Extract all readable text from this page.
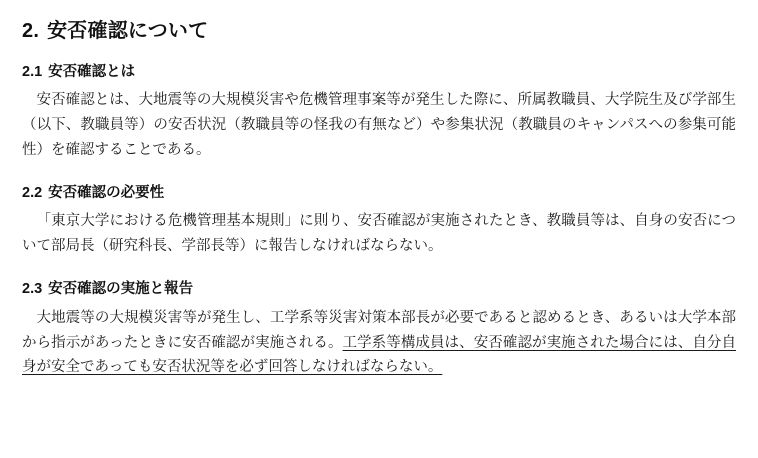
2. 安否確認について
2.1 安否確認とは

安否確認とは、大地震等の大規模災害や危機管理事案等が発生した際に、所属教職員、大学院生及び学部生（以下、教職員等）の安否状況（教職員等の怪我の有無など）や参集状況（教職員のキャンパスへの参集可能性）を確認することである。

2.2 安否確認の必要性

「東京大学における危機管理基本規則」に則り、安否確認が実施されたとき、教職員等は、自身の安否について部局長（研究科長、学部長等）に報告しなければならない。

2.3 安否確認の実施と報告

大地震等の大規模災害等が発生し、工学系等災害対策本部長が必要であると認めるとき、あるいは大学本部から指示があったときに安否確認が実施される。工学系等構成員は、安否確認が実施された場合には、自分自身が安全であっても安否状況等を必ず回答しなければならない。
